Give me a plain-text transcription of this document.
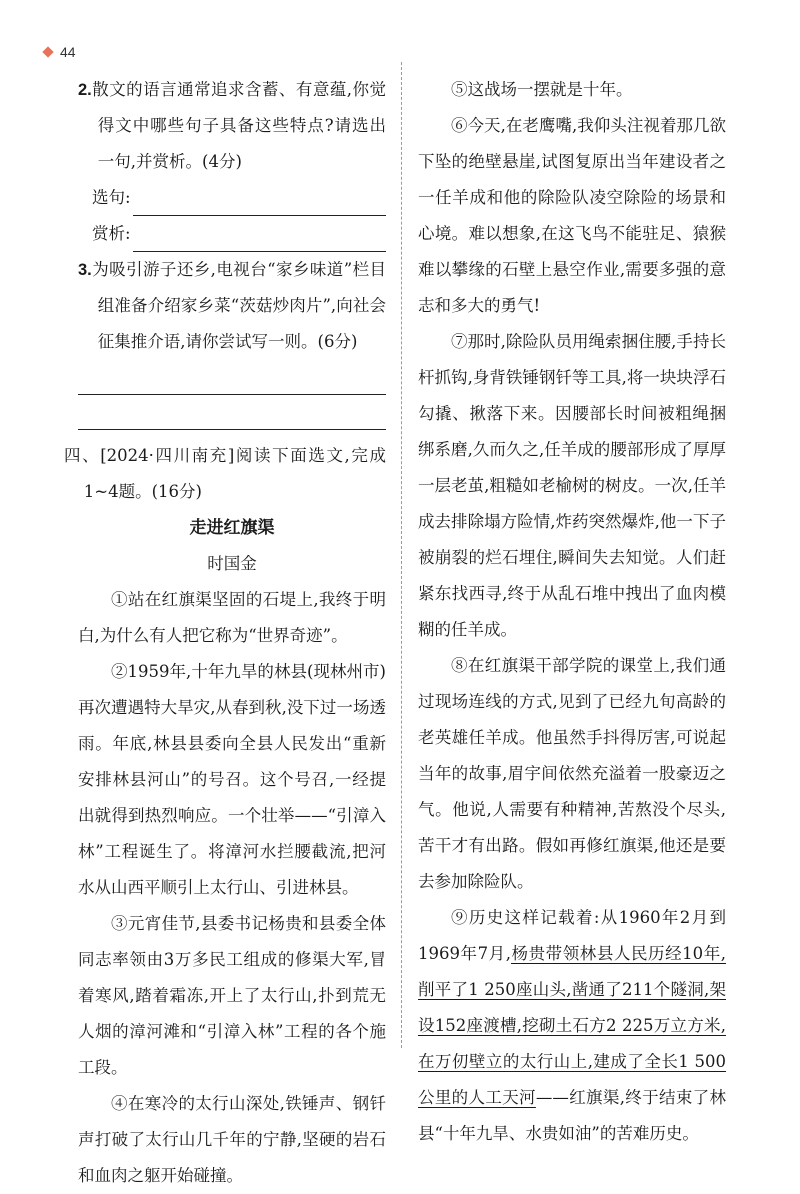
44

2.散文的语言通常追求含蓄、有意蕴,你觉得文中哪些句子具备这些特点?请选出一句,并赏析。(4分)

选句:
赏析:

3.为吸引游子还乡,电视台“家乡味道”栏目组准备介绍家乡菜“茨菇炒肉片”,向社会征集推介语,请你尝试写一则。(6分)

四、[2024·四川南充]阅读下面选文,完成1~4题。(16分)

走进红旗渠

时国金

①站在红旗渠坚固的石堤上,我终于明白,为什么有人把它称为“世界奇迹”。

②1959年,十年九旱的林县(现林州市)再次遭遇特大旱灾,从春到秋,没下过一场透雨。年底,林县县委向全县人民发出“重新安排林县河山”的号召。这个号召,一经提出就得到热烈响应。一个壮举——“引漳入林”工程诞生了。将漳河水拦腰截流,把河水从山西平顺引上太行山、引进林县。

③元宵佳节,县委书记杨贵和县委全体同志率领由3万多民工组成的修渠大军,冒着寒风,踏着霜冻,开上了太行山,扑到荒无人烟的漳河滩和“引漳入林”工程的各个施工段。

④在寒冷的太行山深处,铁锤声、钢钎声打破了太行山几千年的宁静,坚硬的岩石和血肉之躯开始碰撞。

⑤这战场一摆就是十年。

⑥今天,在老鹰嘴,我仰头注视着那几欲下坠的绝壁悬崖,试图复原出当年建设者之一任羊成和他的除险队凌空除险的场景和心境。难以想象,在这飞鸟不能驻足、猿猴难以攀缘的石壁上悬空作业,需要多强的意志和多大的勇气!

⑦那时,除险队员用绳索捆住腰,手持长杆抓钩,身背铁锤钢钎等工具,将一块块浮石勾撬、揪落下来。因腰部长时间被粗绳捆绑系磨,久而久之,任羊成的腰部形成了厚厚一层老茧,粗糙如老榆树的树皮。一次,任羊成去排除塌方险情,炸药突然爆炸,他一下子被崩裂的烂石埋住,瞬间失去知觉。人们赶紧东找西寻,终于从乱石堆中拽出了血肉模糊的任羊成。

⑧在红旗渠干部学院的课堂上,我们通过现场连线的方式,见到了已经九旬高龄的老英雄任羊成。他虽然手抖得厉害,可说起当年的故事,眉宇间依然充溢着一股豪迈之气。他说,人需要有种精神,苦熬没个尽头,苦干才有出路。假如再修红旗渠,他还是要去参加除险队。

⑨历史这样记载着:从1960年2月到1969年7月,杨贵带领林县人民历经10年,削平了1 250座山头,凿通了211个隧洞,架设152座渡槽,挖砌土石方2 225万立方米,在万仞壁立的太行山上,建成了全长1 500公里的人工天河——红旗渠,终于结束了林县“十年九旱、水贵如油”的苦难历史。
